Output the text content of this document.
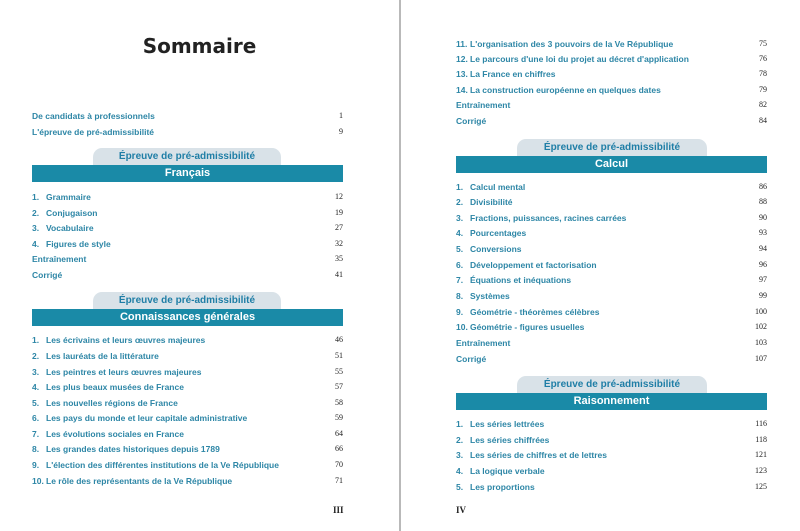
Sommaire
De candidats à professionnels	1
L'épreuve de pré-admissibilité	9
Épreuve de pré-admissibilité
Français
1. Grammaire	12
2. Conjugaison	19
3. Vocabulaire	27
4. Figures de style	32
Entraînement	35
Corrigé	41
Épreuve de pré-admissibilité
Connaissances générales
1. Les écrivains et leurs œuvres majeures	46
2. Les lauréats de la littérature	51
3. Les peintres et leurs œuvres majeures	55
4. Les plus beaux musées de France	57
5. Les nouvelles régions de France	58
6. Les pays du monde et leur capitale administrative	59
7. Les évolutions sociales en France	64
8. Les grandes dates historiques depuis 1789	66
9. L'élection des différentes institutions de la Ve République	70
10. Le rôle des représentants de la Ve République	71
III
11. L'organisation des 3 pouvoirs de la Ve République	75
12. Le parcours d'une loi du projet au décret d'application	76
13. La France en chiffres	78
14. La construction européenne en quelques dates	79
Entraînement	82
Corrigé	84
Épreuve de pré-admissibilité
Calcul
1. Calcul mental	86
2. Divisibilité	88
3. Fractions, puissances, racines carrées	90
4. Pourcentages	93
5. Conversions	94
6. Développement et factorisation	96
7. Équations et inéquations	97
8. Systèmes	99
9. Géométrie - théorèmes célèbres	100
10. Géométrie - figures usuelles	102
Entraînement	103
Corrigé	107
Épreuve de pré-admissibilité
Raisonnement
1. Les séries lettrées	116
2. Les séries chiffrées	118
3. Les séries de chiffres et de lettres	121
4. La logique verbale	123
5. Les proportions	125
IV
